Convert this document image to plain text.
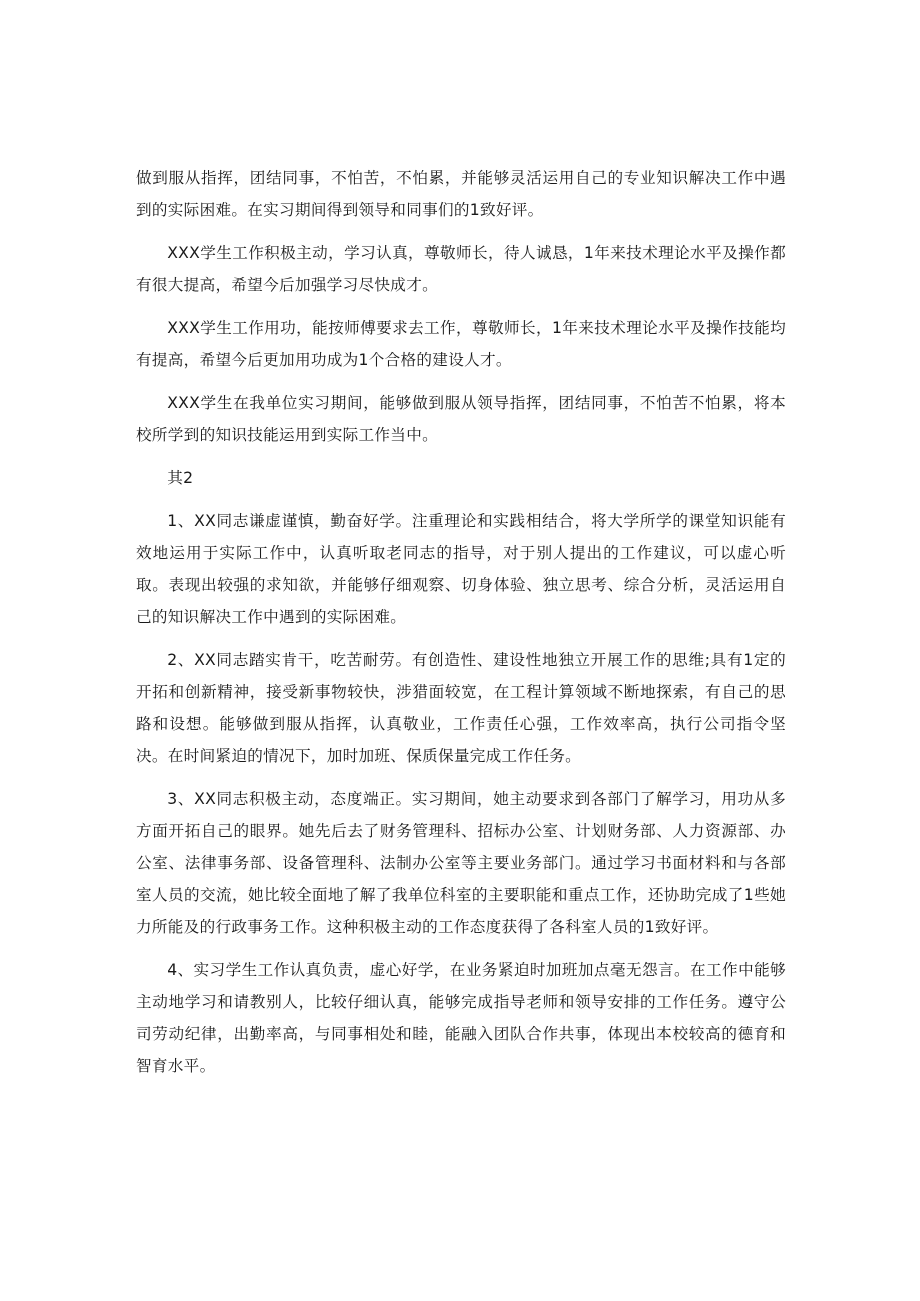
做到服从指挥，团结同事，不怕苦，不怕累，并能够灵活运用自己的专业知识解决工作中遇到的实际困难。在实习期间得到领导和同事们的1致好评。

XXX学生工作积极主动，学习认真，尊敬师长，待人诚恳，1年来技术理论水平及操作都有很大提高，希望今后加强学习尽快成才。

XXX学生工作用功，能按师傅要求去工作，尊敬师长，1年来技术理论水平及操作技能均有提高，希望今后更加用功成为1个合格的建设人才。

XXX学生在我单位实习期间，能够做到服从领导指挥，团结同事，不怕苦不怕累，将本校所学到的知识技能运用到实际工作当中。

其2

1、XX同志谦虚谨慎，勤奋好学。注重理论和实践相结合，将大学所学的课堂知识能有效地运用于实际工作中，认真听取老同志的指导，对于别人提出的工作建议，可以虚心听取。表现出较强的求知欲，并能够仔细观察、切身体验、独立思考、综合分析，灵活运用自己的知识解决工作中遇到的实际困难。

2、XX同志踏实肯干，吃苦耐劳。有创造性、建设性地独立开展工作的思维;具有1定的开拓和创新精神，接受新事物较快，涉猎面较宽，在工程计算领域不断地探索，有自己的思路和设想。能够做到服从指挥，认真敬业，工作责任心强，工作效率高，执行公司指令坚决。在时间紧迫的情况下，加时加班、保质保量完成工作任务。

3、XX同志积极主动，态度端正。实习期间，她主动要求到各部门了解学习，用功从多方面开拓自己的眼界。她先后去了财务管理科、招标办公室、计划财务部、人力资源部、办公室、法律事务部、设备管理科、法制办公室等主要业务部门。通过学习书面材料和与各部室人员的交流，她比较全面地了解了我单位科室的主要职能和重点工作，还协助完成了1些她力所能及的行政事务工作。这种积极主动的工作态度获得了各科室人员的1致好评。

4、实习学生工作认真负责，虚心好学，在业务紧迫时加班加点毫无怨言。在工作中能够主动地学习和请教别人，比较仔细认真，能够完成指导老师和领导安排的工作任务。遵守公司劳动纪律，出勤率高，与同事相处和睦，能融入团队合作共事，体现出本校较高的德育和智育水平。
